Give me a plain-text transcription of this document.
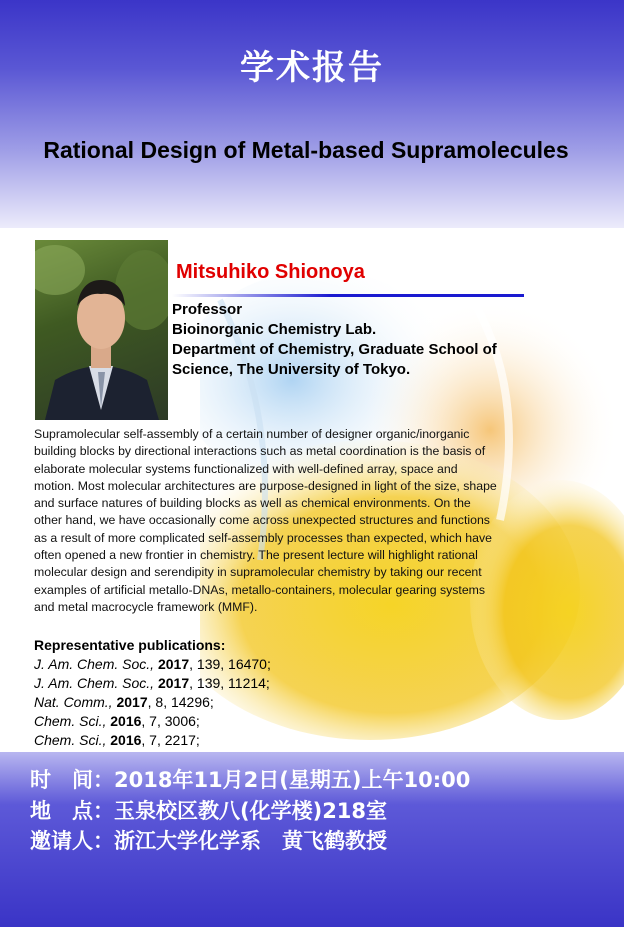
学术报告
Rational Design of Metal-based Supramolecules
Mitsuhiko Shionoya
Professor
Bioinorganic Chemistry Lab.
Department of Chemistry, Graduate School of
Science, The University of Tokyo.
Supramolecular self-assembly of a certain number of designer organic/inorganic
building blocks by directional interactions such as metal coordination is the basis of
elaborate molecular systems functionalized with well-defined array, space and
motion. Most molecular architectures are purpose-designed in light of the size, shape
and surface natures of building blocks as well as chemical environments. On the
other hand, we have occasionally come across unexpected structures and functions
as a result of more complicated self-assembly processes than expected, which have
often opened a new frontier in chemistry. The present lecture will highlight rational
molecular design and serendipity in supramolecular chemistry by taking our recent
examples of artificial metallo-DNAs, metallo-containers, molecular gearing systems
and metal macrocycle framework (MMF).
Representative publications:
J. Am. Chem. Soc., 2017, 139, 16470;
J. Am. Chem. Soc., 2017, 139, 11214;
Nat. Comm., 2017, 8, 14296;
Chem. Sci., 2016, 7, 3006;
Chem. Sci., 2016, 7, 2217;
时　间：2018年11月2日(星期五)上午10:00
地　点：玉泉校区教八(化学楼)218室
邀请人：浙江大学化学系　黄飞鹤教授
